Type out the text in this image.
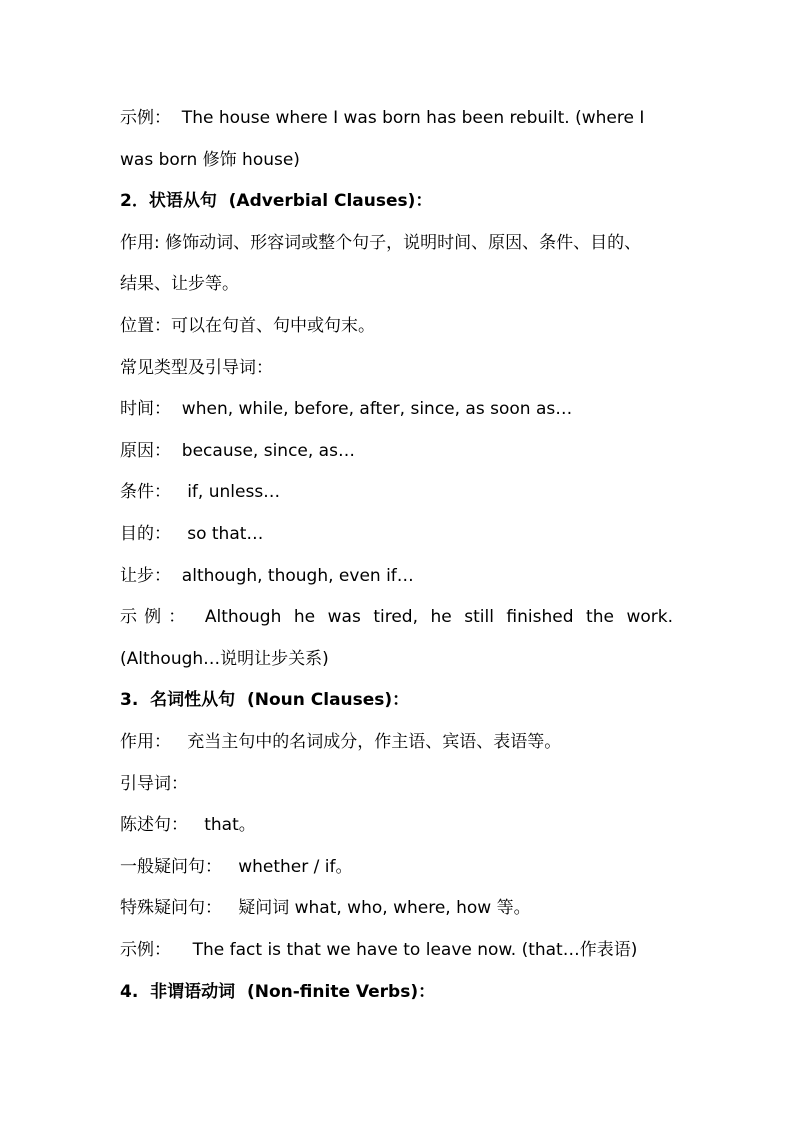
示例：  The house where I was born has been rebuilt. (where I
was born 修饰 house)
2．状语从句  (Adverbial Clauses)：
作用: 修饰动词、形容词或整个句子，说明时间、原因、条件、目的、
结果、让步等。
位置：可以在句首、句中或句末。
常见类型及引导词：
时间：  when, while, before, after, since, as soon as…
原因：  because, since, as…
条件：   if, unless…
目的：   so that…
让步：  although, though, even if…
示例： Although he was tired, he still finished the work.
(Although…说明让步关系)
3.  名词性从句  (Noun Clauses)：
作用：   充当主句中的名词成分，作主语、宾语、表语等。
引导词：
陈述句：   that。
一般疑问句：   whether / if。
特殊疑问句：   疑问词 what, who, where, how 等。
示例：    The fact is that we have to leave now. (that…作表语)
4.  非谓语动词  (Non-finite Verbs)：
